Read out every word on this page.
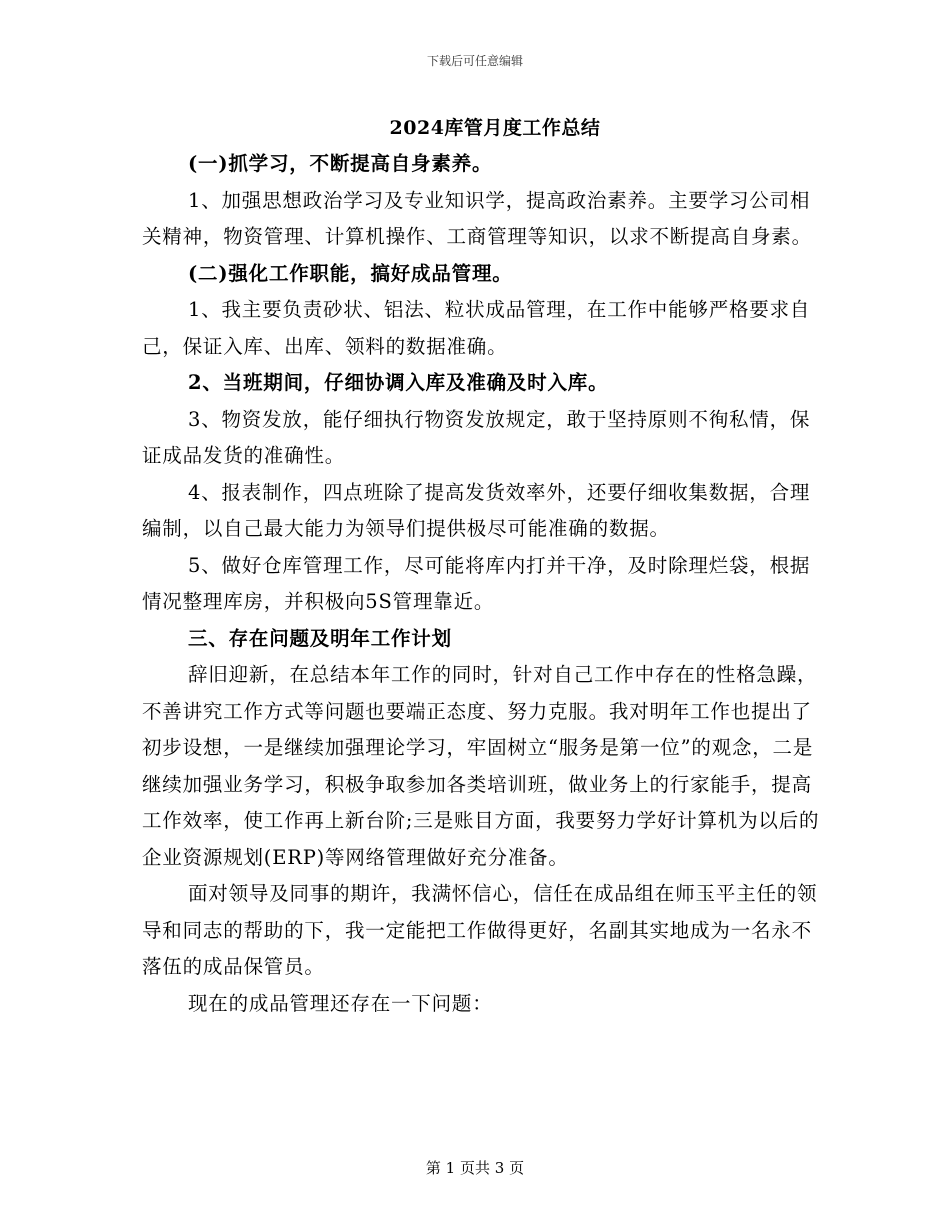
下载后可任意编辑
2024库管月度工作总结

(一)抓学习，不断提高自身素养。

1、加强思想政治学习及专业知识学，提高政治素养。主要学习公司相关精神，物资管理、计算机操作、工商管理等知识，以求不断提高自身素。

(二)强化工作职能，搞好成品管理。

1、我主要负责砂状、铝法、粒状成品管理，在工作中能够严格要求自己，保证入库、出库、领料的数据准确。

2、当班期间，仔细协调入库及准确及时入库。

3、物资发放，能仔细执行物资发放规定，敢于坚持原则不徇私情，保证成品发货的准确性。

4、报表制作，四点班除了提高发货效率外，还要仔细收集数据，合理编制，以自己最大能力为领导们提供极尽可能准确的数据。

5、做好仓库管理工作，尽可能将库内打并干净，及时除理烂袋，根据情况整理库房，并积极向5S管理靠近。

三、存在问题及明年工作计划

辞旧迎新，在总结本年工作的同时，针对自己工作中存在的性格急躁，不善讲究工作方式等问题也要端正态度、努力克服。我对明年工作也提出了初步设想，一是继续加强理论学习，牢固树立“服务是第一位”的观念，二是继续加强业务学习，积极争取参加各类培训班，做业务上的行家能手，提高工作效率，使工作再上新台阶;三是账目方面，我要努力学好计算机为以后的企业资源规划(ERP)等网络管理做好充分准备。

面对领导及同事的期许，我满怀信心，信任在成品组在师玉平主任的领导和同志的帮助的下，我一定能把工作做得更好，名副其实地成为一名永不落伍的成品保管员。

现在的成品管理还存在一下问题：

第 1 页共 3 页
